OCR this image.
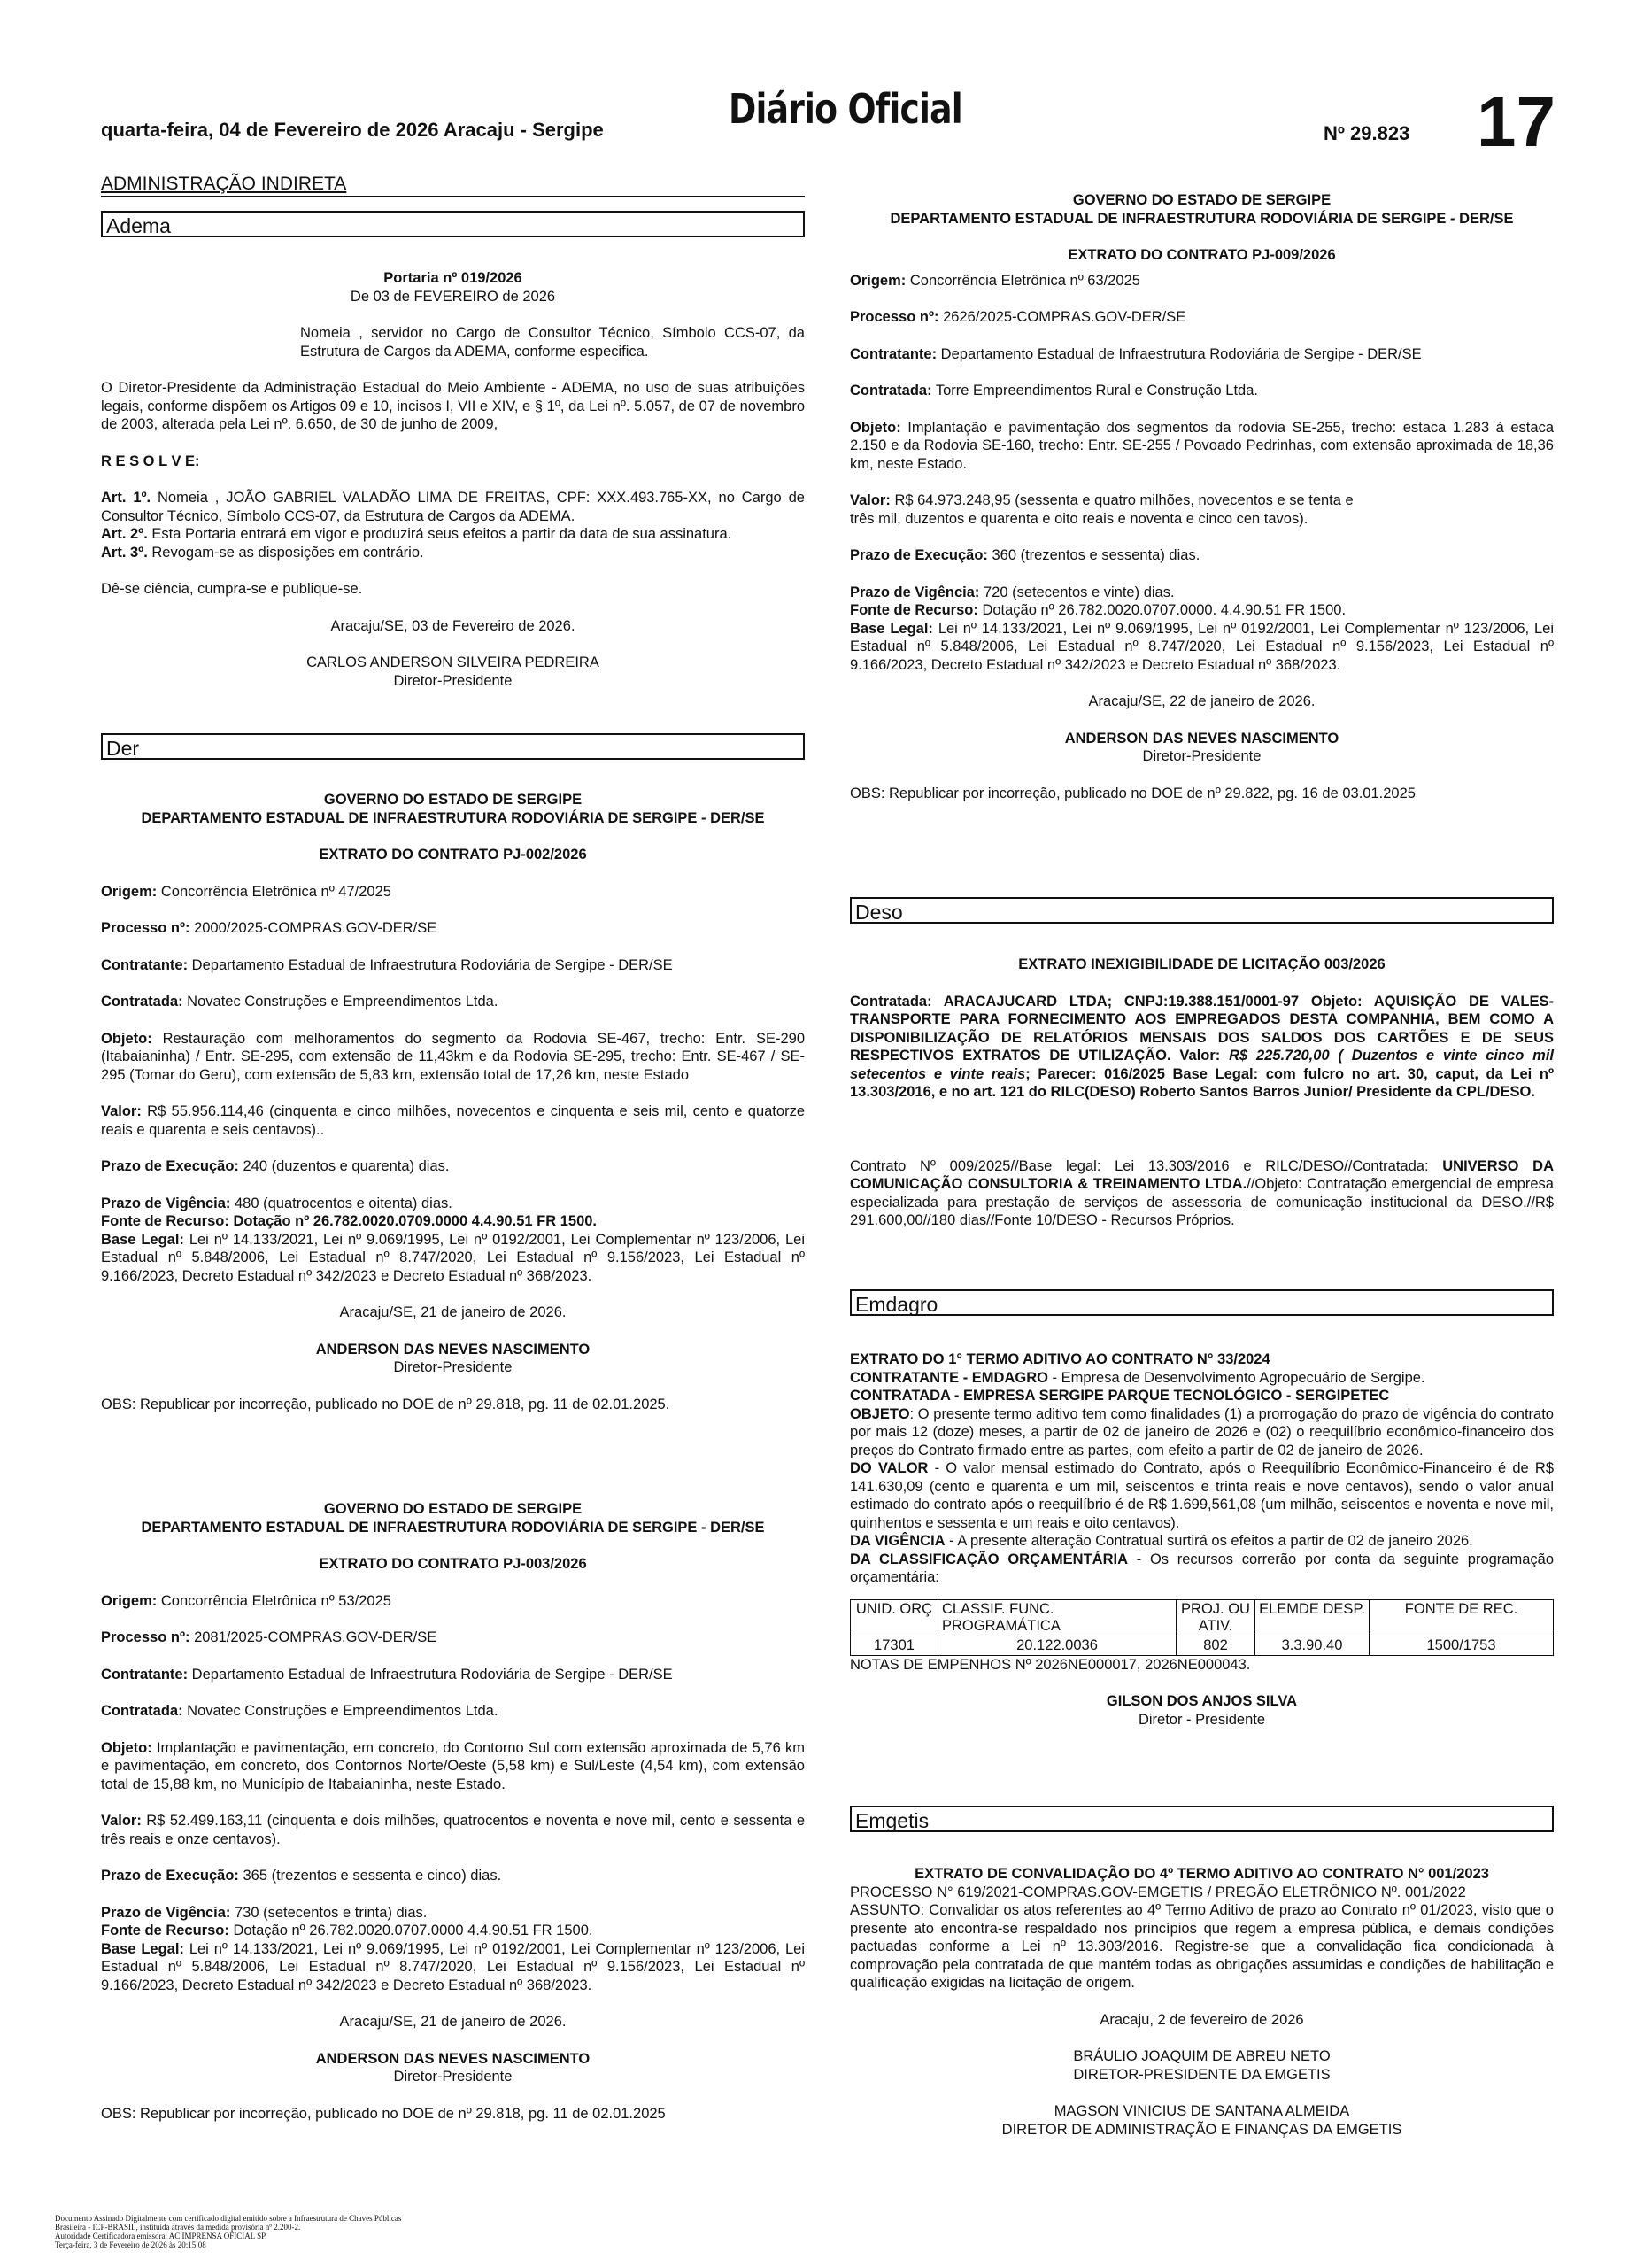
quarta-feira, 04 de Fevereiro de 2026 Aracaju - Sergipe	Diário Oficial
Nº 29.823 17
ADMINISTRAÇÃO INDIRETA
Adema

Portaria nº 019/2026

De 03 de FEVEREIRO de 2026

Nomeia , servidor no Cargo de Consultor Técnico, Símbolo CCS-07, da Estrutura de Cargos da ADEMA, conforme especifica.

O Diretor-Presidente da Administração Estadual do Meio Ambiente - ADEMA, no uso de suas atribuições legais, conforme dispõem os Artigos 09 e 10, incisos I, VII e XIV, e § 1º, da Lei nº. 5.057, de 07 de novembro de 2003, alterada pela Lei nº. 6.650, de 30 de junho de 2009,

R E S O L V E:

Art. 1º. Nomeia , JOÃO GABRIEL VALADÃO LIMA DE FREITAS, CPF: XXX.493.765-XX, no Cargo de Consultor Técnico, Símbolo CCS-07, da Estrutura de Cargos da ADEMA.

Art. 2º. Esta Portaria entrará em vigor e produzirá seus efeitos a partir da data de sua assinatura.

Art. 3º. Revogam-se as disposições em contrário.

Dê-se ciência, cumpra-se e publique-se.

Aracaju/SE, 03 de Fevereiro de 2026.

CARLOS ANDERSON SILVEIRA PEDREIRA

Diretor-Presidente

Der

GOVERNO DO ESTADO DE SERGIPE

DEPARTAMENTO ESTADUAL DE INFRAESTRUTURA RODOVIÁRIA DE SERGIPE - DER/SE

EXTRATO DO CONTRATO PJ-002/2026

Origem: Concorrência Eletrônica nº 47/2025

Processo nº: 2000/2025-COMPRAS.GOV-DER/SE

Contratante: Departamento Estadual de Infraestrutura Rodoviária de Sergipe - DER/SE

Contratada: Novatec Construções e Empreendimentos Ltda.

Objeto: Restauração com melhoramentos do segmento da Rodovia SE-467, trecho: Entr. SE-290 (Itabaianinha) / Entr. SE-295, com extensão de 11,43km e da Rodovia SE-295, trecho: Entr. SE-467 / SE-295 (Tomar do Geru), com extensão de 5,83 km, extensão total de 17,26 km, neste Estado

Valor: R$ 55.956.114,46 (cinquenta e cinco milhões, novecentos e cinquenta e seis mil, cento e quatorze reais e quarenta e seis centavos)..

Prazo de Execução: 240 (duzentos e quarenta) dias.

Prazo de Vigência: 480 (quatrocentos e oitenta) dias.

Fonte de Recurso: Dotação nº 26.782.0020.0709.0000 4.4.90.51 FR 1500.

Base Legal: Lei nº 14.133/2021, Lei nº 9.069/1995, Lei nº 0192/2001, Lei Complementar nº 123/2006, Lei Estadual nº 5.848/2006, Lei Estadual nº 8.747/2020, Lei Estadual nº 9.156/2023, Lei Estadual nº 9.166/2023, Decreto Estadual nº 342/2023 e Decreto Estadual nº 368/2023.

Aracaju/SE, 21 de janeiro de 2026.

ANDERSON DAS NEVES NASCIMENTO

Diretor-Presidente

OBS: Republicar por incorreção, publicado no DOE de nº 29.818, pg. 11 de 02.01.2025.

GOVERNO DO ESTADO DE SERGIPE

DEPARTAMENTO ESTADUAL DE INFRAESTRUTURA RODOVIÁRIA DE SERGIPE - DER/SE

EXTRATO DO CONTRATO PJ-003/2026

Origem: Concorrência Eletrônica nº 53/2025

Processo nº: 2081/2025-COMPRAS.GOV-DER/SE

Contratante: Departamento Estadual de Infraestrutura Rodoviária de Sergipe - DER/SE

Contratada: Novatec Construções e Empreendimentos Ltda.

Objeto: Implantação e pavimentação, em concreto, do Contorno Sul com extensão aproximada de 5,76 km e pavimentação, em concreto, dos Contornos Norte/Oeste (5,58 km) e Sul/Leste (4,54 km), com extensão total de 15,88 km, no Município de Itabaianinha, neste Estado.

Valor: R$ 52.499.163,11 (cinquenta e dois milhões, quatrocentos e noventa e nove mil, cento e sessenta e três reais e onze centavos).

Prazo de Execução: 365 (trezentos e sessenta e cinco) dias.

Prazo de Vigência: 730 (setecentos e trinta) dias.

Fonte de Recurso: Dotação nº 26.782.0020.0707.0000 4.4.90.51 FR 1500.

Base Legal: Lei nº 14.133/2021, Lei nº 9.069/1995, Lei nº 0192/2001, Lei Complementar nº 123/2006, Lei Estadual nº 5.848/2006, Lei Estadual nº 8.747/2020, Lei Estadual nº 9.156/2023, Lei Estadual nº 9.166/2023, Decreto Estadual nº 342/2023 e Decreto Estadual nº 368/2023.

Aracaju/SE, 21 de janeiro de 2026.

ANDERSON DAS NEVES NASCIMENTO

Diretor-Presidente

OBS: Republicar por incorreção, publicado no DOE de nº 29.818, pg. 11 de 02.01.2025

GOVERNO DO ESTADO DE SERGIPE

DEPARTAMENTO ESTADUAL DE INFRAESTRUTURA RODOVIÁRIA DE SERGIPE - DER/SE

EXTRATO DO CONTRATO PJ-009/2026

Origem: Concorrência Eletrônica nº 63/2025

Processo nº: 2626/2025-COMPRAS.GOV-DER/SE

Contratante: Departamento Estadual de Infraestrutura Rodoviária de Sergipe - DER/SE

Contratada: Torre Empreendimentos Rural e Construção Ltda.

Objeto: Implantação e pavimentação dos segmentos da rodovia SE-255, trecho: estaca 1.283 à estaca 2.150 e da Rodovia SE-160, trecho: Entr. SE-255 / Povoado Pedrinhas, com extensão aproximada de 18,36 km, neste Estado.

Valor: R$ 64.973.248,95 (sessenta e quatro milhões, novecentos e se tenta e três mil, duzentos e quarenta e oito reais e noventa e cinco cen tavos).

Prazo de Execução: 360 (trezentos e sessenta) dias.

Prazo de Vigência: 720 (setecentos e vinte) dias.

Fonte de Recurso: Dotação nº 26.782.0020.0707.0000. 4.4.90.51 FR 1500.

Base Legal: Lei nº 14.133/2021, Lei nº 9.069/1995, Lei nº 0192/2001, Lei Complementar nº 123/2006, Lei Estadual nº 5.848/2006, Lei Estadual nº 8.747/2020, Lei Estadual nº 9.156/2023, Lei Estadual nº 9.166/2023, Decreto Estadual nº 342/2023 e Decreto Estadual nº 368/2023.

Aracaju/SE, 22 de janeiro de 2026.

ANDERSON DAS NEVES NASCIMENTO

Diretor-Presidente

OBS: Republicar por incorreção, publicado no DOE de nº 29.822, pg. 16 de 03.01.2025

Deso

EXTRATO INEXIGIBILIDADE DE LICITAÇÃO 003/2026

Contratada: ARACAJUCARD LTDA; CNPJ:19.388.151/0001-97 Objeto: AQUISIÇÃO DE VALES-TRANSPORTE PARA FORNECIMENTO AOS EMPREGADOS DESTA COMPANHIA, BEM COMO A DISPONIBILIZAÇÃO DE RELATÓRIOS MENSAIS DOS SALDOS DOS CARTÕES E DE SEUS RESPECTIVOS EXTRATOS DE UTILIZAÇÃO. Valor: R$ 225.720,00 ( Duzentos e vinte cinco mil setecentos e vinte reais; Parecer: 016/2025 Base Legal: com fulcro no art. 30, caput, da Lei nº 13.303/2016, e no art. 121 do RILC(DESO) Roberto Santos Barros Junior/ Presidente da CPL/DESO.

Contrato Nº 009/2025//Base legal: Lei 13.303/2016 e RILC/DESO//Contratada: UNIVERSO DA COMUNICAÇÃO CONSULTORIA & TREINAMENTO LTDA.//Objeto: Contratação emergencial de empresa especializada para prestação de serviços de assessoria de comunicação institucional da DESO.//R$ 291.600,00//180 dias//Fonte 10/DESO - Recursos Próprios.

Emdagro

EXTRATO DO 1° TERMO ADITIVO AO CONTRATO N° 33/2024

CONTRATANTE - EMDAGRO - Empresa de Desenvolvimento Agropecuário de Sergipe.

CONTRATADA - EMPRESA SERGIPE PARQUE TECNOLÓGICO - SERGIPETEC

OBJETO: O presente termo aditivo tem como finalidades (1) a prorrogação do prazo de vigência do contrato por mais 12 (doze) meses, a partir de 02 de janeiro de 2026 e (02) o reequilíbrio econômico-financeiro dos preços do Contrato firmado entre as partes, com efeito a partir de 02 de janeiro de 2026.

DO VALOR - O valor mensal estimado do Contrato, após o Reequilíbrio Econômico-Financeiro é de R$ 141.630,09 (cento e quarenta e um mil, seiscentos e trinta reais e nove centavos), sendo o valor anual estimado do contrato após o reequilíbrio é de R$ 1.699,561,08 (um milhão, seiscentos e noventa e nove mil, quinhentos e sessenta e um reais e oito centavos).

DA VIGÊNCIA - A presente alteração Contratual surtirá os efeitos a partir de 02 de janeiro 2026.

DA CLASSIFICAÇÃO ORÇAMENTÁRIA - Os recursos correrão por conta da seguinte programação orçamentária:

UNID. ORÇ	CLASSIF. FUNC. PROGRAMÁTICA	PROJ. OU ATIV.	ELEMDE DESP.	FONTE DE REC.
17301	20.122.0036	802	3.3.90.40	1500/1753

NOTAS DE EMPENHOS Nº 2026NE000017, 2026NE000043.

GILSON DOS ANJOS SILVA

Diretor - Presidente

Emgetis

EXTRATO DE CONVALIDAÇÃO DO 4º TERMO ADITIVO AO CONTRATO N° 001/2023

PROCESSO N° 619/2021-COMPRAS.GOV-EMGETIS / PREGÃO ELETRÔNICO Nº. 001/2022

ASSUNTO: Convalidar os atos referentes ao 4º Termo Aditivo de prazo ao Contrato nº 01/2023, visto que o presente ato encontra-se respaldado nos princípios que regem a empresa pública, e demais condições pactuadas conforme a Lei nº 13.303/2016. Registre-se que a convalidação fica condicionada à comprovação pela contratada de que mantém todas as obrigações assumidas e condições de habilitação e qualificação exigidas na licitação de origem.

Aracaju, 2 de fevereiro de 2026

BRÁULIO JOAQUIM DE ABREU NETO

DIRETOR-PRESIDENTE DA EMGETIS

MAGSON VINICIUS DE SANTANA ALMEIDA

DIRETOR DE ADMINISTRAÇÃO E FINANÇAS DA EMGETIS

Documento Assinado Digitalmente com certificado digital emitido sobre a Infraestrutura de Chaves Públicas
Brasileira - ICP-BRASIL, instituída através da medida provisória nº 2.200-2.
Autoridade Certificadora emissora: AC IMPRENSA OFICIAL SP.
Terça-feira, 3 de Fevereiro de 2026 às 20:15:08
